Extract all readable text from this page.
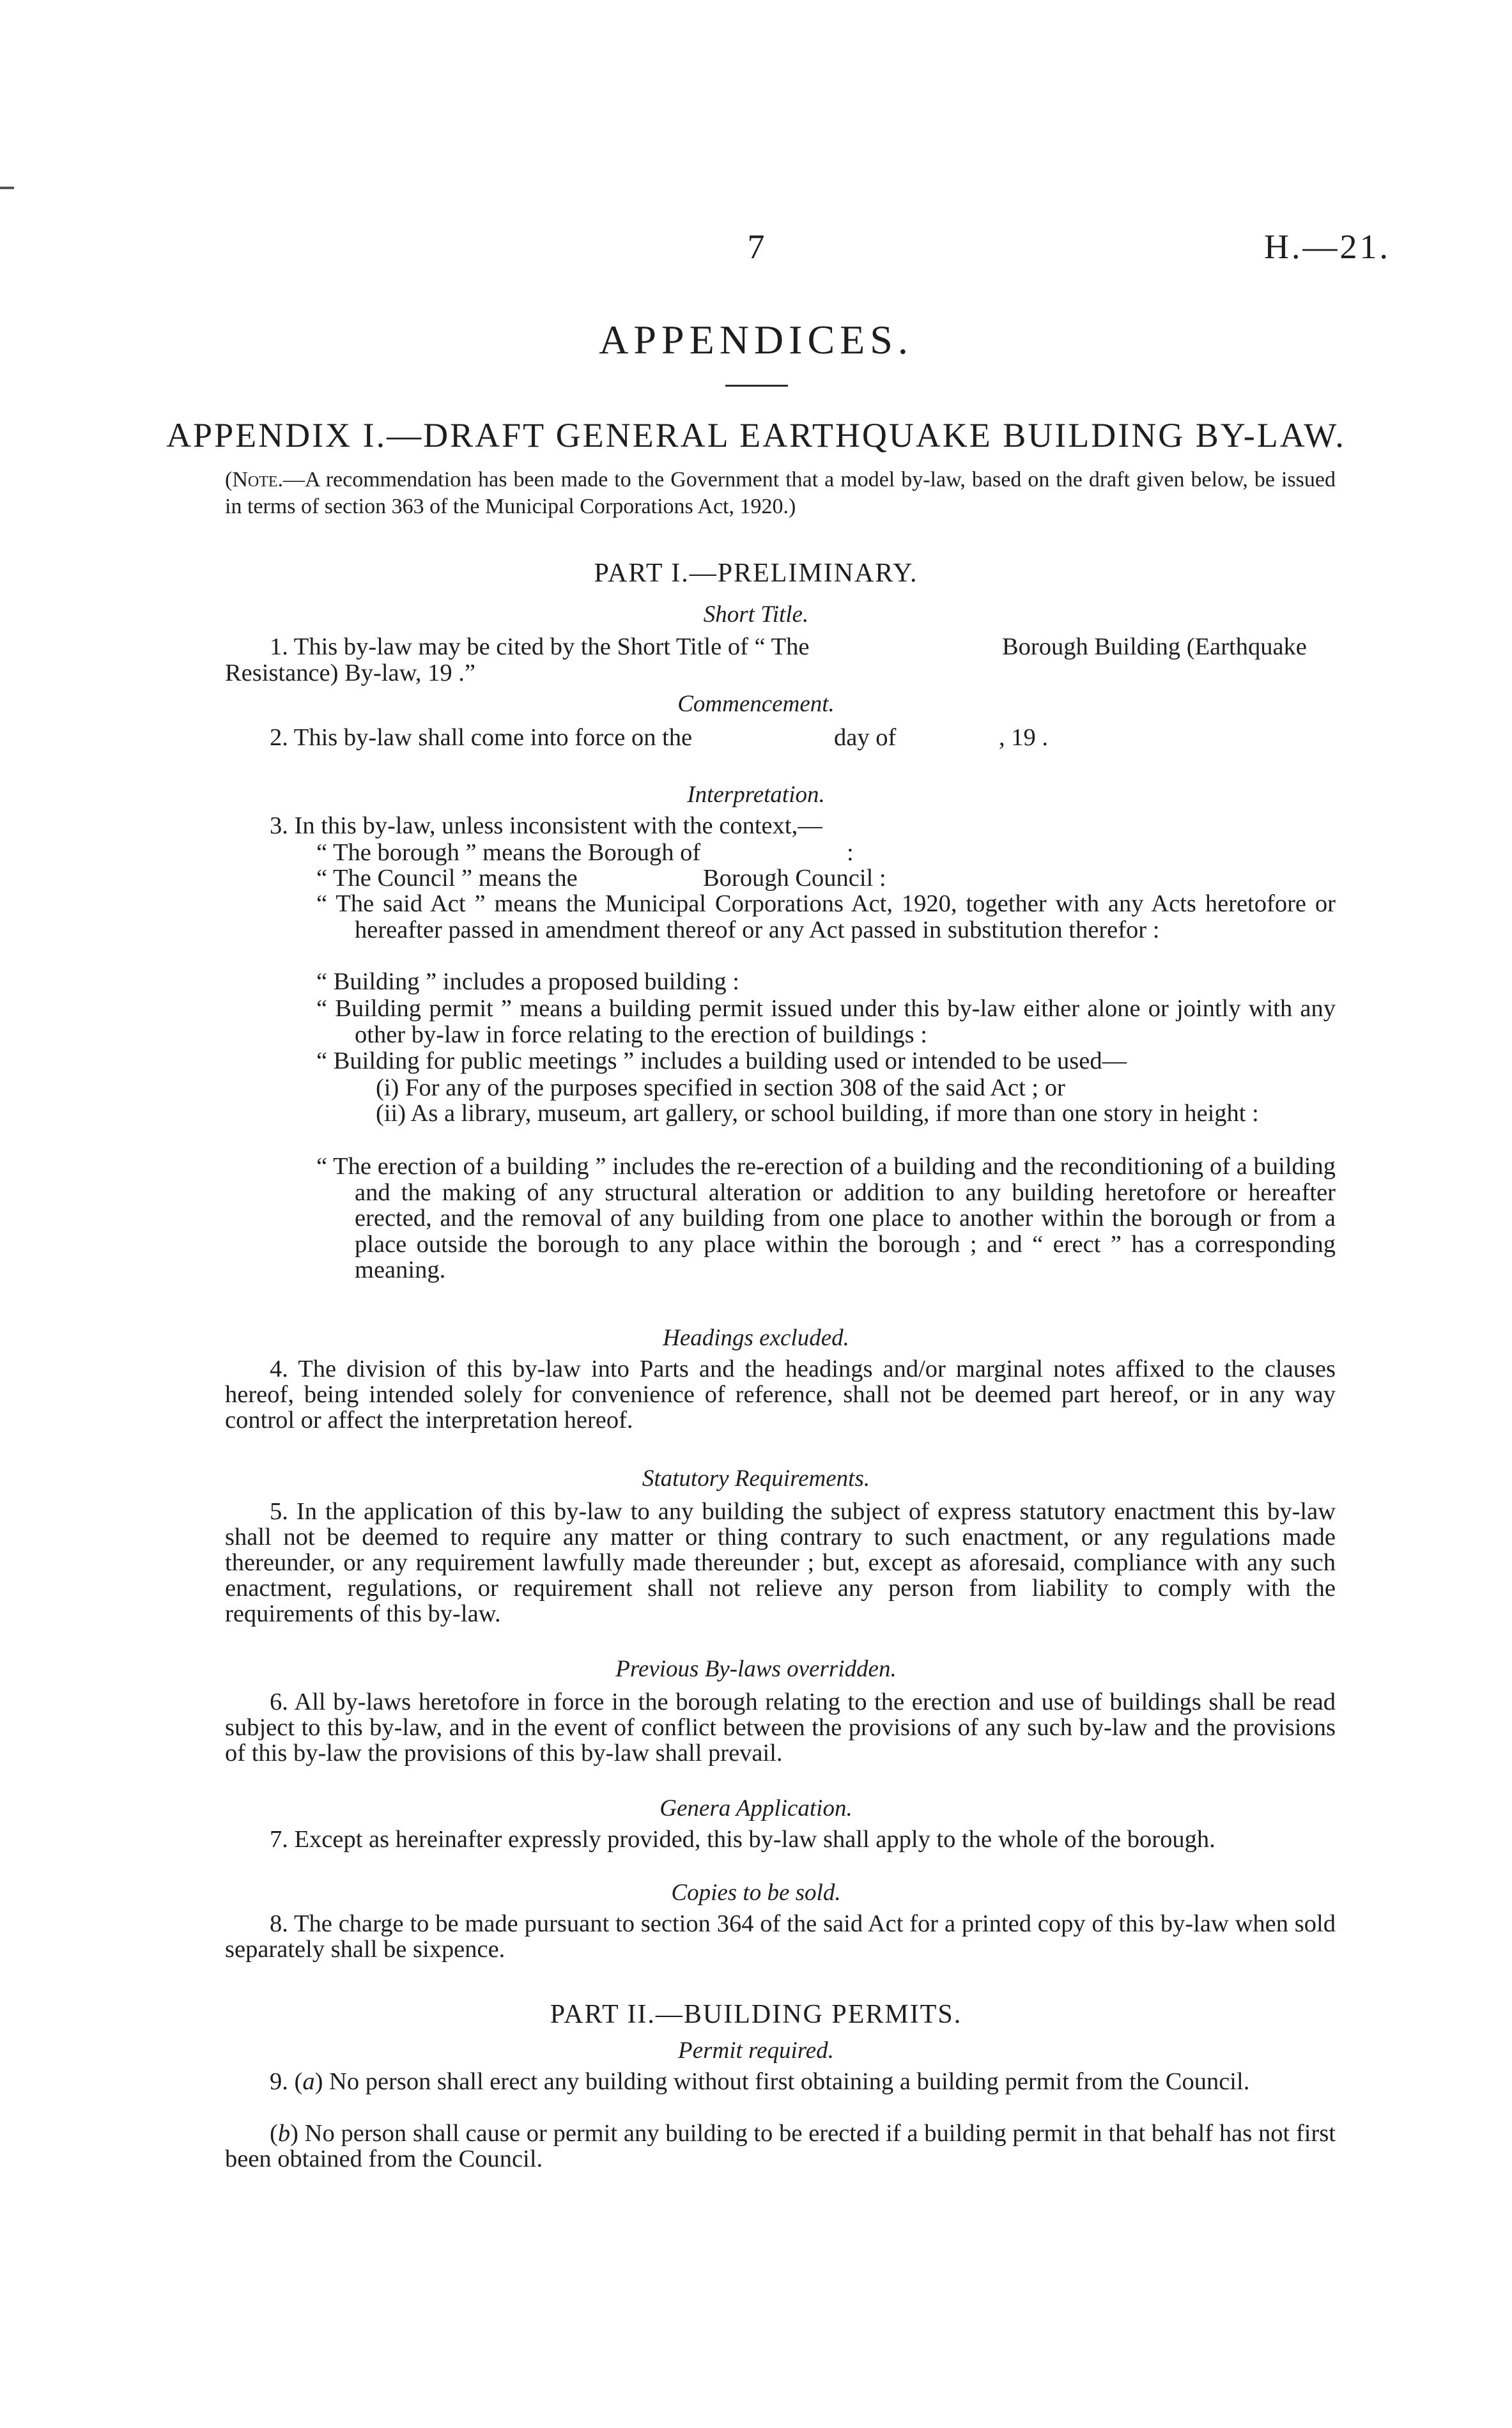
7	H.—21.
APPENDICES.
APPENDIX I.—DRAFT GENERAL EARTHQUAKE BUILDING BY-LAW.
(Note.—A recommendation has been made to the Government that a model by-law, based on the draft given below, be issued in terms of section 363 of the Municipal Corporations Act, 1920.)
PART I.—PRELIMINARY.
Short Title.
1. This by-law may be cited by the Short Title of “ The	Borough Building (Earthquake
Resistance) By-law, 19 .”
Commencement.
2. This by-law shall come into force on the	day of	, 19 .
Interpretation.
3. In this by-law, unless inconsistent with the context,—
“ The borough ” means the Borough of	:
“ The Council ” means the	Borough Council :
“ The said Act ” means the Municipal Corporations Act, 1920, together with any Acts heretofore or hereafter passed in amendment thereof or any Act passed in substitution therefor :
“ Building ” includes a proposed building :
“ Building permit ” means a building permit issued under this by-law either alone or jointly with any other by-law in force relating to the erection of buildings :
“ Building for public meetings ” includes a building used or intended to be used—
(i) For any of the purposes specified in section 308 of the said Act ; or
(ii) As a library, museum, art gallery, or school building, if more than one story in height :
“ The erection of a building ” includes the re-erection of a building and the reconditioning of a building and the making of any structural alteration or addition to any building heretofore or hereafter erected, and the removal of any building from one place to another within the borough or from a place outside the borough to any place within the borough ; and “ erect ” has a corresponding meaning.
Headings excluded.
4. The division of this by-law into Parts and the headings and/or marginal notes affixed to the clauses hereof, being intended solely for convenience of reference, shall not be deemed part hereof, or in any way control or affect the interpretation hereof.
Statutory Requirements.
5. In the application of this by-law to any building the subject of express statutory enactment this by-law shall not be deemed to require any matter or thing contrary to such enactment, or any regulations made thereunder, or any requirement lawfully made thereunder ; but, except as aforesaid, compliance with any such enactment, regulations, or requirement shall not relieve any person from liability to comply with the requirements of this by-law.
Previous By-laws overridden.
6. All by-laws heretofore in force in the borough relating to the erection and use of buildings shall be read subject to this by-law, and in the event of conflict between the provisions of any such by-law and the provisions of this by-law the provisions of this by-law shall prevail.
Genera Application.
7. Except as hereinafter expressly provided, this by-law shall apply to the whole of the borough.
Copies to be sold.
8. The charge to be made pursuant to section 364 of the said Act for a printed copy of this by-law when sold separately shall be sixpence.
PART II.—BUILDING PERMITS.
Permit required.
9. (a) No person shall erect any building without first obtaining a building permit from the Council.
(b) No person shall cause or permit any building to be erected if a building permit in that behalf has not first been obtained from the Council.
